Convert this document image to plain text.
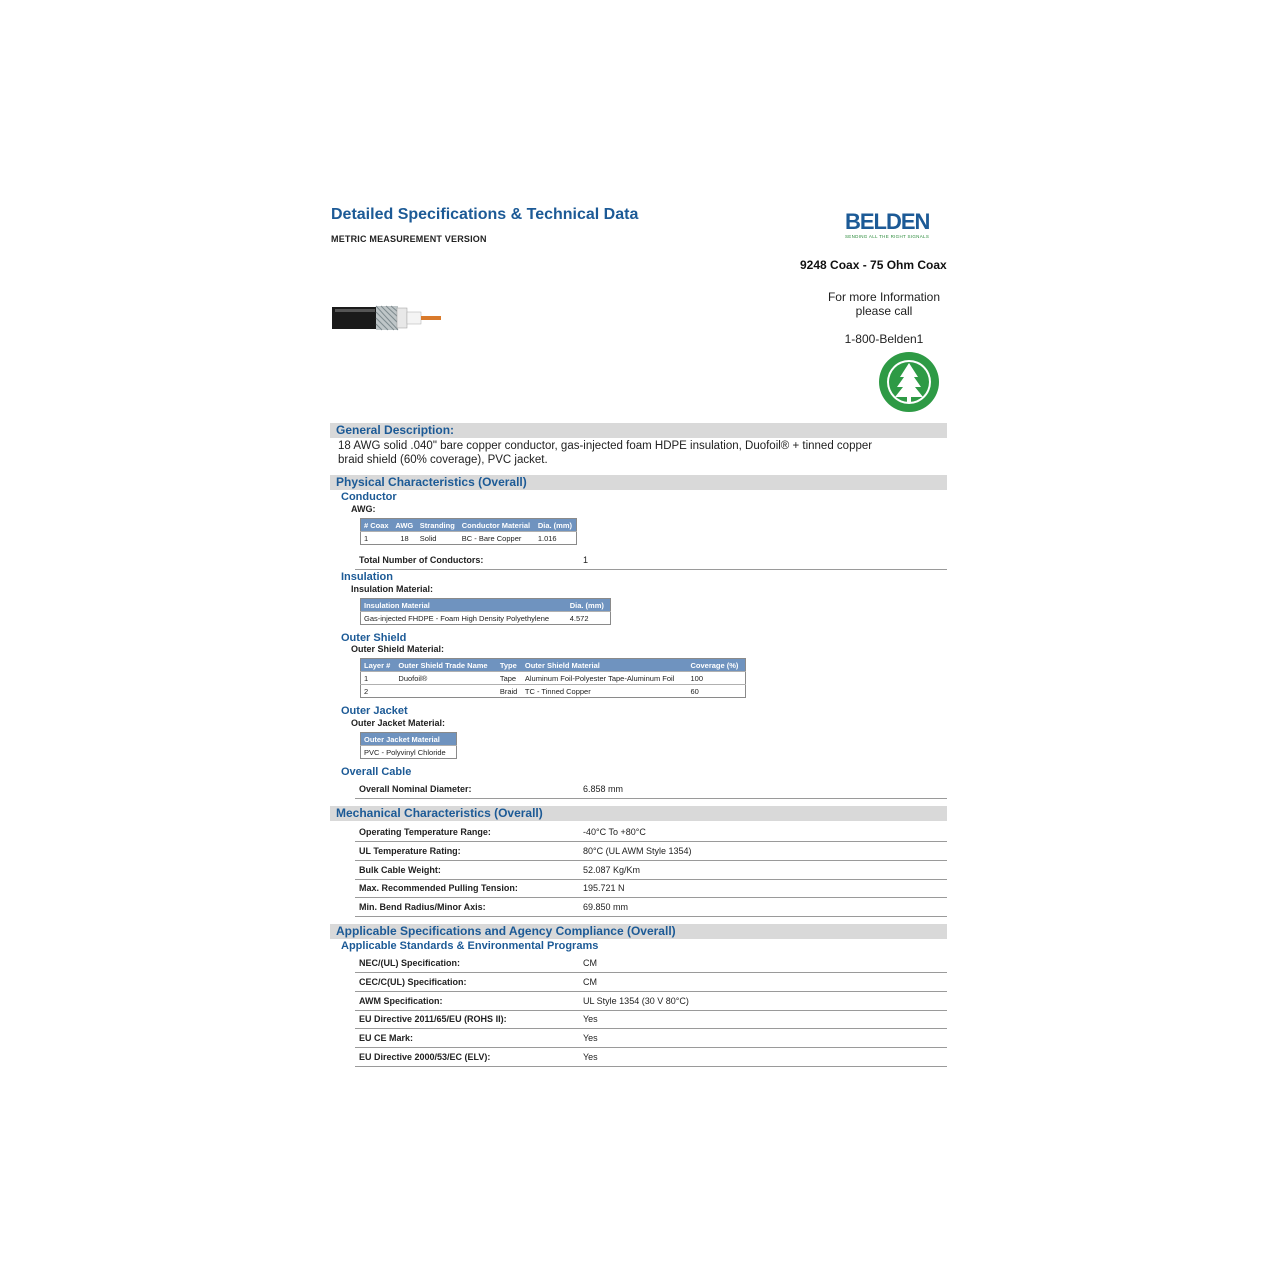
Detailed Specifications & Technical Data
METRIC MEASUREMENT VERSION
BELDEN
SENDING ALL THE RIGHT SIGNALS
9248 Coax - 75 Ohm Coax
For more Information
please call
1-800-Belden1
General Description:
18 AWG solid .040" bare copper conductor, gas-injected foam HDPE insulation, Duofoil® + tinned copper braid shield (60% coverage), PVC jacket.
Physical Characteristics (Overall)
Conductor
AWG:
# Coax	AWG	Stranding	Conductor Material	Dia. (mm)
1	18	Solid	BC - Bare Copper	1.016
Total Number of Conductors:	1
Insulation
Insulation Material:
Insulation Material	Dia. (mm)
Gas-injected FHDPE - Foam High Density Polyethylene	4.572
Outer Shield
Outer Shield Material:
Layer #	Outer Shield Trade Name	Type	Outer Shield Material	Coverage (%)
1	Duofoil®	Tape	Aluminum Foil-Polyester Tape-Aluminum Foil	100
2		Braid	TC - Tinned Copper	60
Outer Jacket
Outer Jacket Material:
Outer Jacket Material
PVC - Polyvinyl Chloride
Overall Cable
Overall Nominal Diameter:	6.858 mm
Mechanical Characteristics (Overall)
Operating Temperature Range:	-40°C To +80°C
UL Temperature Rating:	80°C (UL AWM Style 1354)
Bulk Cable Weight:	52.087 Kg/Km
Max. Recommended Pulling Tension:	195.721 N
Min. Bend Radius/Minor Axis:	69.850 mm
Applicable Specifications and Agency Compliance (Overall)
Applicable Standards & Environmental Programs
NEC/(UL) Specification:	CM
CEC/C(UL) Specification:	CM
AWM Specification:	UL Style 1354 (30 V 80°C)
EU Directive 2011/65/EU (ROHS II):	Yes
EU CE Mark:	Yes
EU Directive 2000/53/EC (ELV):	Yes
